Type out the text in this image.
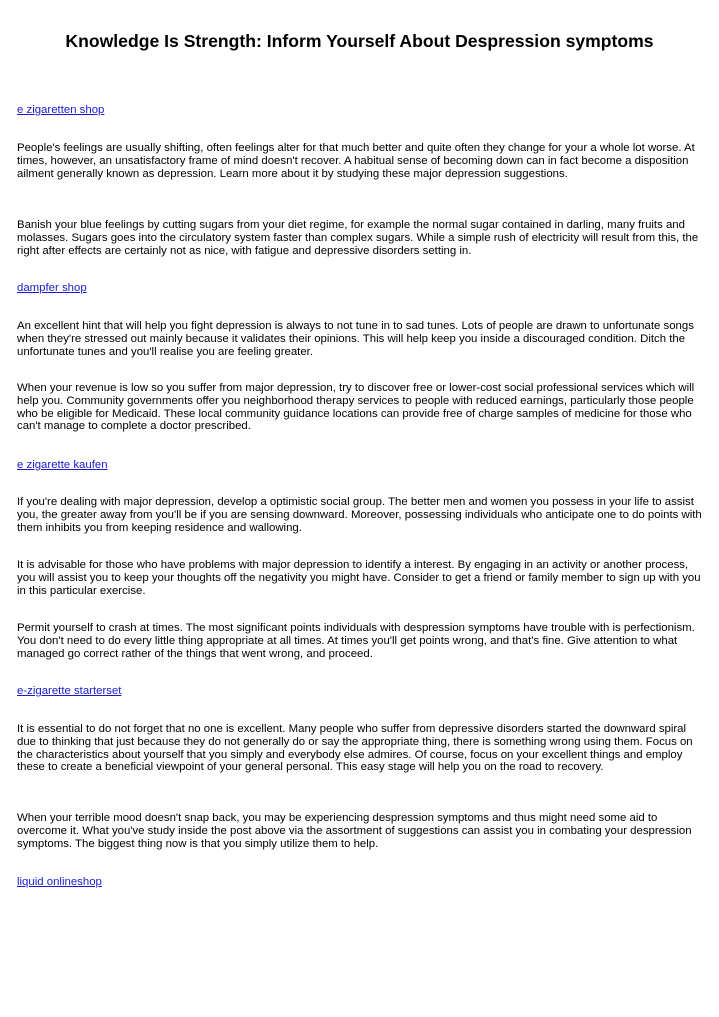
Knowledge Is Strength: Inform Yourself About Despression symptoms
e zigaretten shop

People's feelings are usually shifting, often feelings alter for that much better and quite often they change for your a whole lot worse. At times, however, an unsatisfactory frame of mind doesn't recover. A habitual sense of becoming down can in fact become a disposition ailment generally known as depression. Learn more about it by studying these major depression suggestions.

Banish your blue feelings by cutting sugars from your diet regime, for example the normal sugar contained in darling, many fruits and molasses. Sugars goes into the circulatory system faster than complex sugars. While a simple rush of electricity will result from this, the right after effects are certainly not as nice, with fatigue and depressive disorders setting in.

dampfer shop

An excellent hint that will help you fight depression is always to not tune in to sad tunes. Lots of people are drawn to unfortunate songs when they're stressed out mainly because it validates their opinions. This will help keep you inside a discouraged condition. Ditch the unfortunate tunes and you'll realise you are feeling greater.

When your revenue is low so you suffer from major depression, try to discover free or lower-cost social professional services which will help you. Community governments offer you neighborhood therapy services to people with reduced earnings, particularly those people who be eligible for Medicaid. These local community guidance locations can provide free of charge samples of medicine for those who can't manage to complete a doctor prescribed.

e zigarette kaufen

If you're dealing with major depression, develop a optimistic social group. The better men and women you possess in your life to assist you, the greater away from you'll be if you are sensing downward. Moreover, possessing individuals who anticipate one to do points with them inhibits you from keeping residence and wallowing.

It is advisable for those who have problems with major depression to identify a interest. By engaging in an activity or another process, you will assist you to keep your thoughts off the negativity you might have. Consider to get a friend or family member to sign up with you in this particular exercise.

Permit yourself to crash at times. The most significant points individuals with despression symptoms have trouble with is perfectionism. You don't need to do every little thing appropriate at all times. At times you'll get points wrong, and that's fine. Give attention to what managed go correct rather of the things that went wrong, and proceed.

e-zigarette starterset

It is essential to do not forget that no one is excellent. Many people who suffer from depressive disorders started the downward spiral due to thinking that just because they do not generally do or say the appropriate thing, there is something wrong using them. Focus on the characteristics about yourself that you simply and everybody else admires. Of course, focus on your excellent things and employ these to create a beneficial viewpoint of your general personal. This easy stage will help you on the road to recovery.

When your terrible mood doesn't snap back, you may be experiencing despression symptoms and thus might need some aid to overcome it. What you've study inside the post above via the assortment of suggestions can assist you in combating your despression symptoms. The biggest thing now is that you simply utilize them to help.

liquid onlineshop
